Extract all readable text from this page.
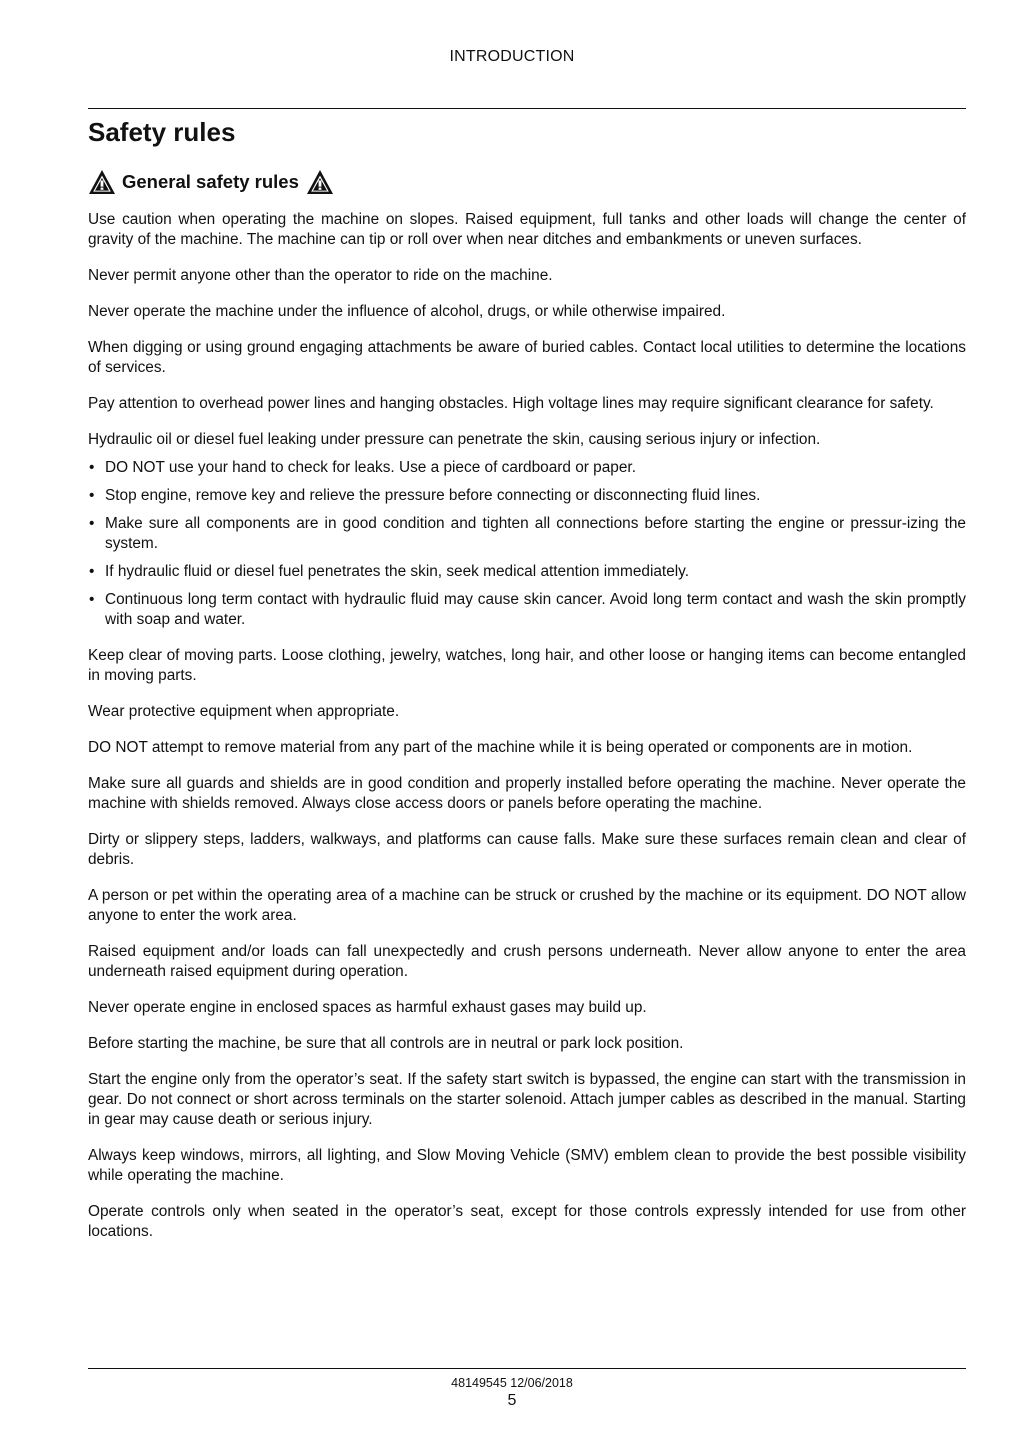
INTRODUCTION
Safety rules
General safety rules

Use caution when operating the machine on slopes. Raised equipment, full tanks and other loads will change the center of gravity of the machine. The machine can tip or roll over when near ditches and embankments or uneven surfaces.

Never permit anyone other than the operator to ride on the machine.

Never operate the machine under the influence of alcohol, drugs, or while otherwise impaired.

When digging or using ground engaging attachments be aware of buried cables. Contact local utilities to determine the locations of services.

Pay attention to overhead power lines and hanging obstacles. High voltage lines may require significant clearance for safety.

Hydraulic oil or diesel fuel leaking under pressure can penetrate the skin, causing serious injury or infection.

• DO NOT use your hand to check for leaks. Use a piece of cardboard or paper.
• Stop engine, remove key and relieve the pressure before connecting or disconnecting fluid lines.
• Make sure all components are in good condition and tighten all connections before starting the engine or pressur-izing the system.
• If hydraulic fluid or diesel fuel penetrates the skin, seek medical attention immediately.
• Continuous long term contact with hydraulic fluid may cause skin cancer. Avoid long term contact and wash the skin promptly with soap and water.

Keep clear of moving parts. Loose clothing, jewelry, watches, long hair, and other loose or hanging items can become entangled in moving parts.

Wear protective equipment when appropriate.

DO NOT attempt to remove material from any part of the machine while it is being operated or components are in motion.

Make sure all guards and shields are in good condition and properly installed before operating the machine. Never operate the machine with shields removed. Always close access doors or panels before operating the machine.

Dirty or slippery steps, ladders, walkways, and platforms can cause falls. Make sure these surfaces remain clean and clear of debris.

A person or pet within the operating area of a machine can be struck or crushed by the machine or its equipment. DO NOT allow anyone to enter the work area.

Raised equipment and/or loads can fall unexpectedly and crush persons underneath. Never allow anyone to enter the area underneath raised equipment during operation.

Never operate engine in enclosed spaces as harmful exhaust gases may build up.

Before starting the machine, be sure that all controls are in neutral or park lock position.

Start the engine only from the operator’s seat. If the safety start switch is bypassed, the engine can start with the transmission in gear. Do not connect or short across terminals on the starter solenoid. Attach jumper cables as described in the manual. Starting in gear may cause death or serious injury.

Always keep windows, mirrors, all lighting, and Slow Moving Vehicle (SMV) emblem clean to provide the best possible visibility while operating the machine.

Operate controls only when seated in the operator’s seat, except for those controls expressly intended for use from other locations.

48149545 12/06/2018
5
